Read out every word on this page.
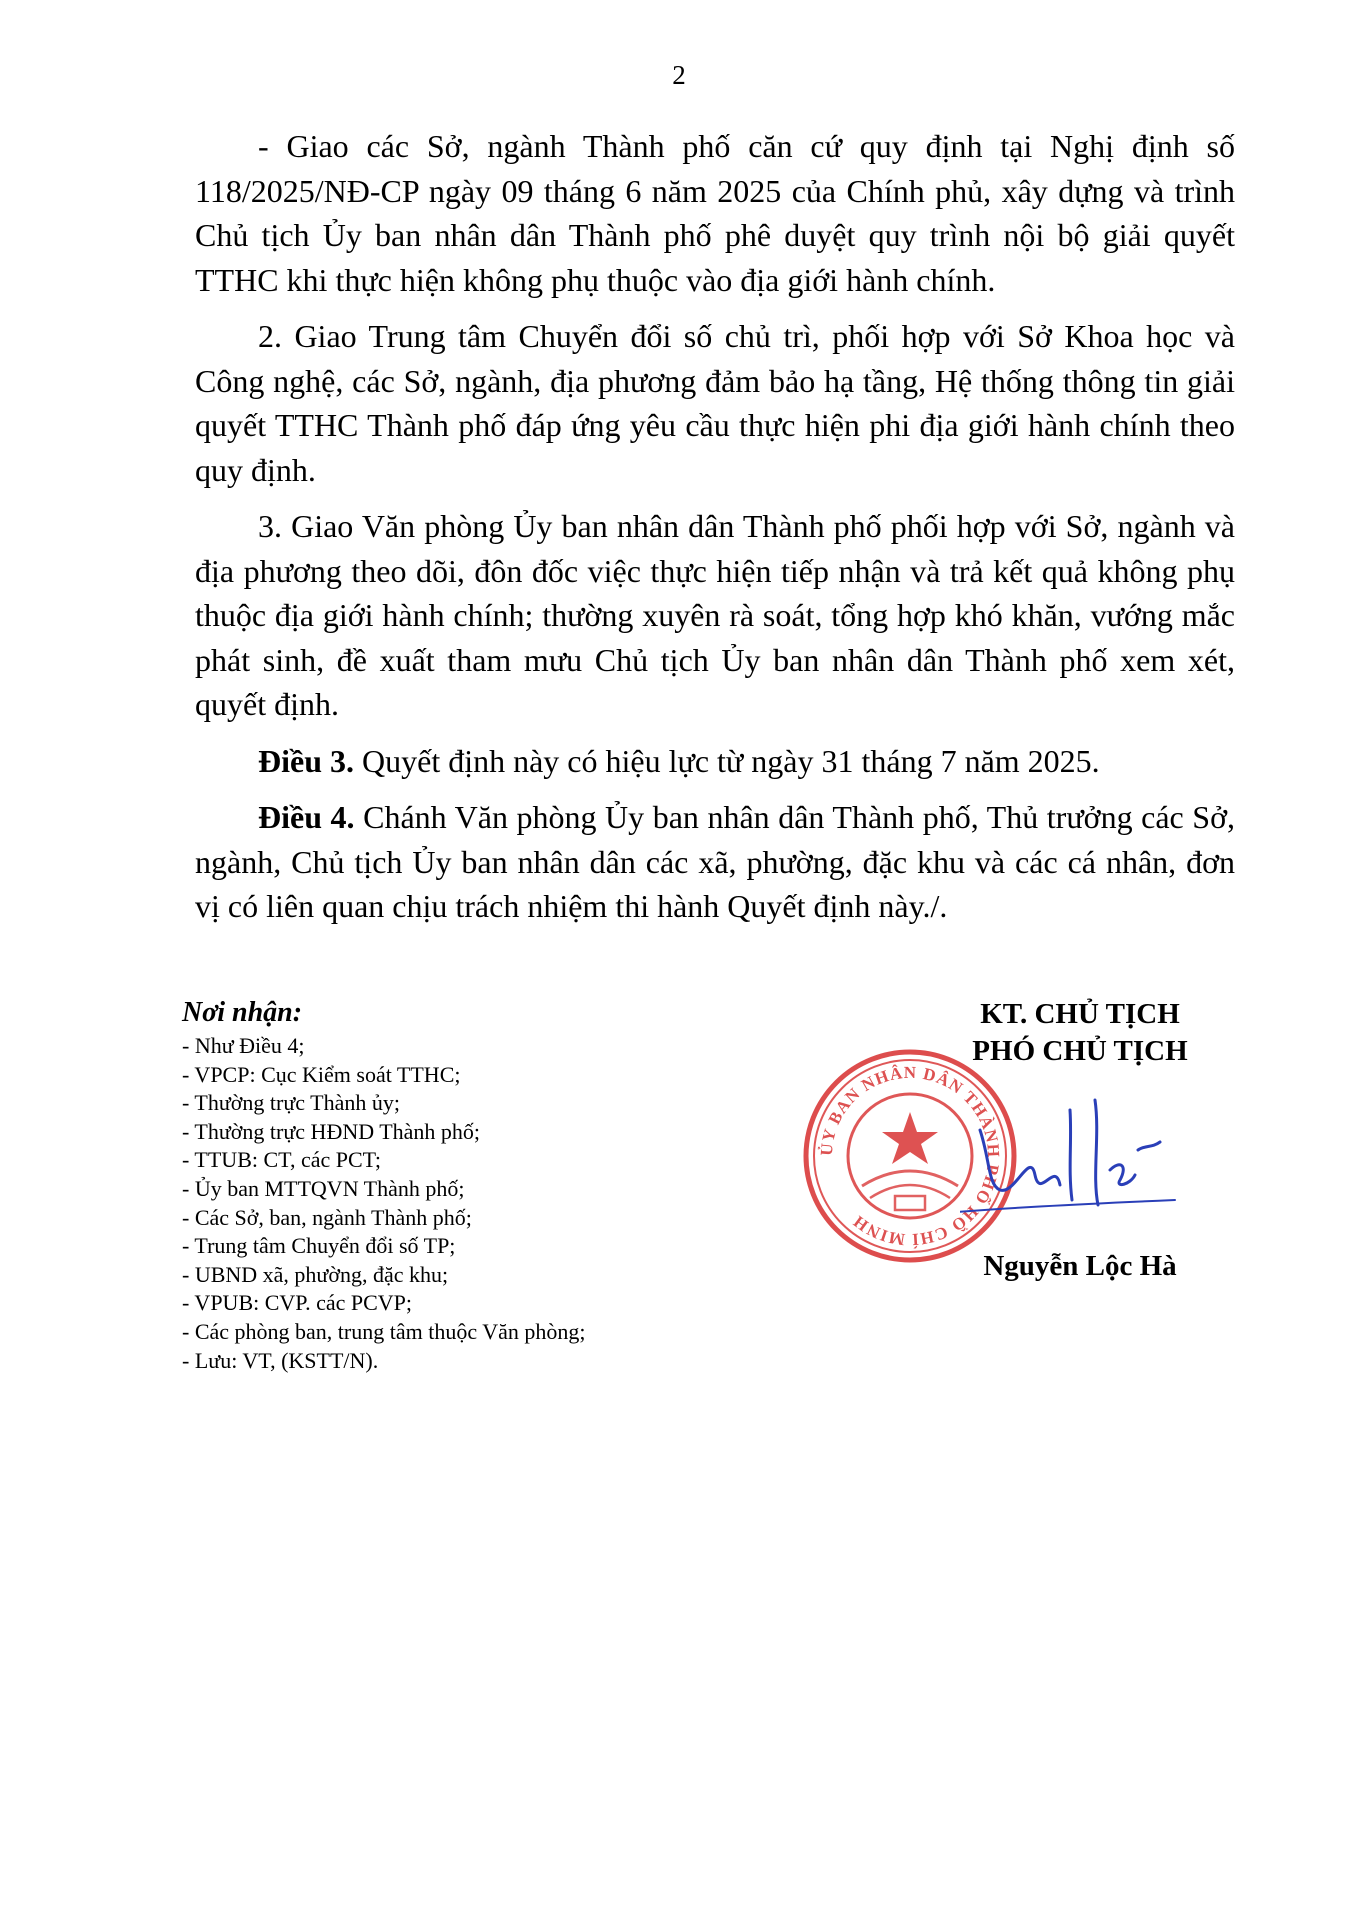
2

- Giao các Sở, ngành Thành phố căn cứ quy định tại Nghị định số 118/2025/NĐ-CP ngày 09 tháng 6 năm 2025 của Chính phủ, xây dựng và trình Chủ tịch Ủy ban nhân dân Thành phố phê duyệt quy trình nội bộ giải quyết TTHC khi thực hiện không phụ thuộc vào địa giới hành chính.

2. Giao Trung tâm Chuyển đổi số chủ trì, phối hợp với Sở Khoa học và Công nghệ, các Sở, ngành, địa phương đảm bảo hạ tầng, Hệ thống thông tin giải quyết TTHC Thành phố đáp ứng yêu cầu thực hiện phi địa giới hành chính theo quy định.

3. Giao Văn phòng Ủy ban nhân dân Thành phố phối hợp với Sở, ngành và địa phương theo dõi, đôn đốc việc thực hiện tiếp nhận và trả kết quả không phụ thuộc địa giới hành chính; thường xuyên rà soát, tổng hợp khó khăn, vướng mắc phát sinh, đề xuất tham mưu Chủ tịch Ủy ban nhân dân Thành phố xem xét, quyết định.

Điều 3. Quyết định này có hiệu lực từ ngày 31 tháng 7 năm 2025.

Điều 4. Chánh Văn phòng Ủy ban nhân dân Thành phố, Thủ trưởng các Sở, ngành, Chủ tịch Ủy ban nhân dân các xã, phường, đặc khu và các cá nhân, đơn vị có liên quan chịu trách nhiệm thi hành Quyết định này./.

Nơi nhận:
- Như Điều 4;
- VPCP: Cục Kiểm soát TTHC;
- Thường trực Thành ủy;
- Thường trực HĐND Thành phố;
- TTUB: CT, các PCT;
- Ủy ban MTTQVN Thành phố;
- Các Sở, ban, ngành Thành phố;
- Trung tâm Chuyển đổi số TP;
- UBND xã, phường, đặc khu;
- VPUB: CVP. các PCVP;
- Các phòng ban, trung tâm thuộc Văn phòng;
- Lưu: VT, (KSTT/N).
KT. CHỦ TỊCH
PHÓ CHỦ TỊCH
ỦY BAN NHÂN DÂN THÀNH PHỐ HỒ CHÍ MINH
Nguyễn Lộc Hà
